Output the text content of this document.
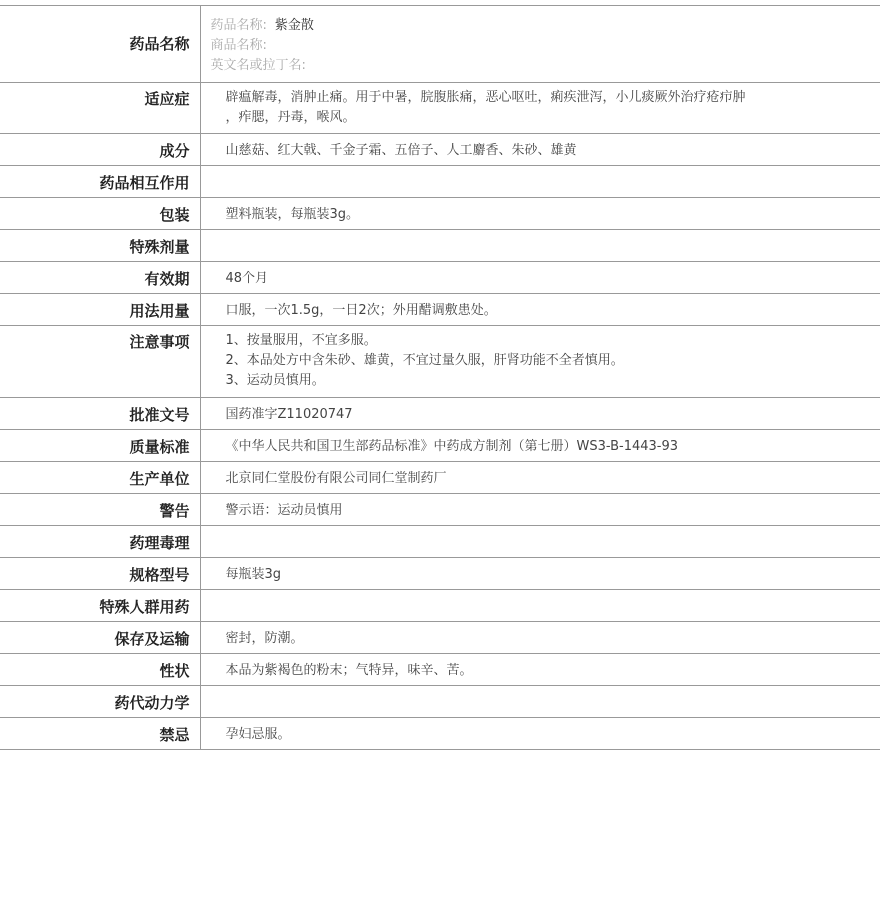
药品名称	药品名称: 紫金散
商品名称:
英文名或拉丁名:

适应症	辟瘟解毒，消肿止痛。用于中暑，脘腹胀痛，恶心呕吐，痢疾泄泻，小儿痰厥外治疗疮疖肿
，痄腮，丹毒，喉风。

成分	山慈菇、红大戟、千金子霜、五倍子、人工麝香、朱砂、雄黄

药品相互作用	

包装	塑料瓶装，每瓶装3g。

特殊剂量	

有效期	48个月

用法用量	口服，一次1.5g，一日2次；外用醋调敷患处。

注意事项	1、按量服用，不宜多服。
2、本品处方中含朱砂、雄黄，不宜过量久服，肝肾功能不全者慎用。
3、运动员慎用。

批准文号	国药准字Z11020747

质量标准	《中华人民共和国卫生部药品标准》中药成方制剂（第七册）WS3-B-1443-93

生产单位	北京同仁堂股份有限公司同仁堂制药厂

警告	警示语：运动员慎用

药理毒理	

规格型号	每瓶装3g

特殊人群用药	

保存及运输	密封，防潮。

性状	本品为紫褐色的粉末；气特异，味辛、苦。

药代动力学	

禁忌	孕妇忌服。
